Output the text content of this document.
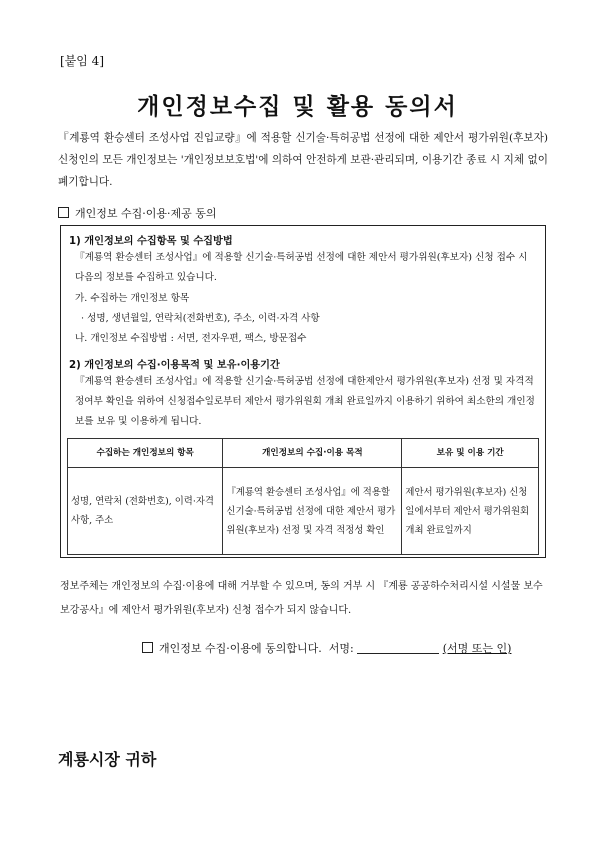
[붙임 4]
개인정보수집 및 활용 동의서
『계룡역 환승센터 조성사업 진입교량』에 적용할 신기술·특허공법 선정에 대한 제안서 평가위원(후보자) 신청인의 모든 개인정보는 '개인정보보호법'에 의하여 안전하게 보관·관리되며, 이용기간 종료 시 지체 없이 폐기합니다.
개인정보 수집·이용·제공 동의
1) 개인정보의 수집항목 및 수집방법
『계룡역 환승센터 조성사업』에 적용할 신기술·특허공법 선정에 대한 제안서 평가위원(후보자) 신청 접수 시 다음의 정보를 수집하고 있습니다.
가. 수집하는 개인정보 항목
· 성명, 생년월일, 연락처(전화번호), 주소, 이력·자격 사항
나. 개인정보 수집방법 : 서면, 전자우편, 팩스, 방문접수
2) 개인정보의 수집·이용목적 및 보유·이용기간
『계룡역 환승센터 조성사업』에 적용할 신기술·특허공법 선정에 대한제안서 평가위원(후보자) 선정 및 자격적정여부 확인을 위하여 신청접수일로부터 제안서 평가위원회 개최 완료일까지 이용하기 위하여 최소한의 개인정보를 보유 및 이용하게 됩니다.
수집하는 개인정보의 항목	개인정보의 수집·이용 목적	보유 및 이용 기간
성명, 연락처 (전화번호), 이력·자격 사항, 주소	『계룡역 환승센터 조성사업』에 적용할 신기술·특허공법 선정에 대한 제안서 평가위원(후보자) 선정 및 자격 적정성 확인	제안서 평가위원(후보자) 신청일에서부터 제안서 평가위원회 개최 완료일까지
정보주체는 개인정보의 수집·이용에 대해 거부할 수 있으며, 동의 거부 시 『계룡 공공하수처리시설 시설물 보수보강공사』에 제안서 평가위원(후보자) 신청 접수가 되지 않습니다.
개인정보 수집·이용에 동의합니다. 서명:	(서명 또는 인)
계룡시장 귀하
